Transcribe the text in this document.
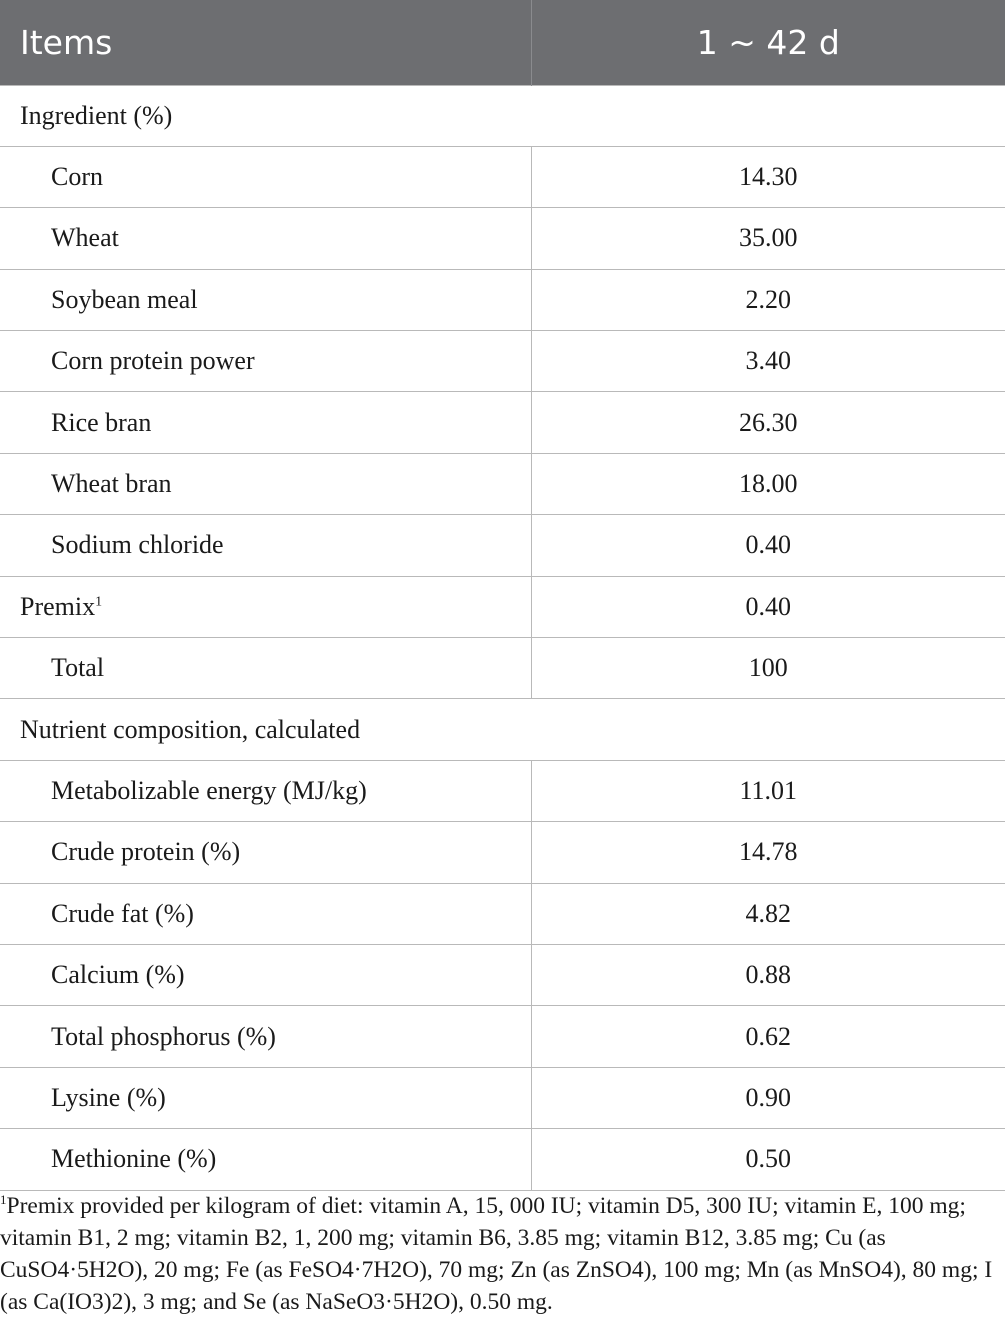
Items	1 ~ 42 d
Ingredient (%)	
Corn	14.30
Wheat	35.00
Soybean meal	2.20
Corn protein power	3.40
Rice bran	26.30
Wheat bran	18.00
Sodium chloride	0.40
Premix$^1$	0.40
Total	100
Nutrient composition, calculated	
Metabolizable energy (MJ/kg)	11.01
Crude protein (%)	14.78
Crude fat (%)	4.82
Calcium (%)	0.88
Total phosphorus (%)	0.62
Lysine (%)	0.90
Methionine (%)	0.50
$^1$Premix provided per kilogram of diet: vitamin A, 15, 000 IU; vitamin D5, 300 IU; vitamin E, 100 mg; vitamin B1, 2 mg; vitamin B2, 1, 200 mg; vitamin B6, 3.85 mg; vitamin B12, 3.85 mg; Cu (as CuSO4·5H2O), 20 mg; Fe (as FeSO4·7H2O), 70 mg; Zn (as ZnSO4), 100 mg; Mn (as MnSO4), 80 mg; I (as Ca(IO3)2), 3 mg; and Se (as NaSeO3·5H2O), 0.50 mg.
